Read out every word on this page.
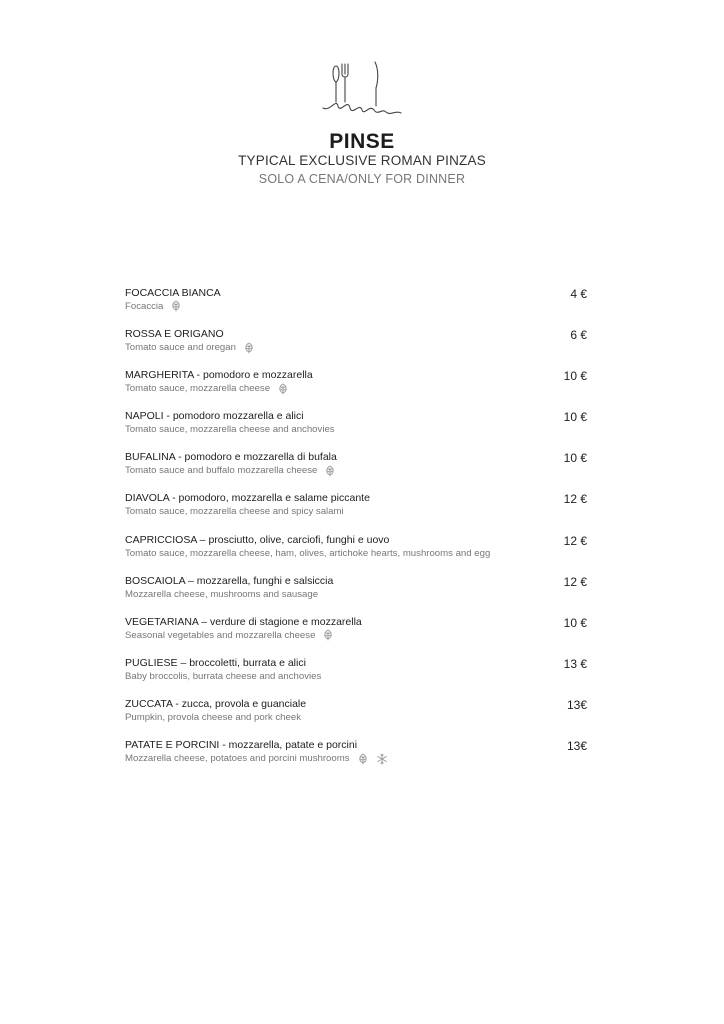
PINSE
TYPICAL EXCLUSIVE ROMAN PINZAS
SOLO A CENA/ONLY FOR DINNER
FOCACCIA BIANCA
Focaccia
4 €
ROSSA E ORIGANO
Tomato sauce and oregan
6 €
MARGHERITA - pomodoro e mozzarella
Tomato sauce, mozzarella cheese
10 €
NAPOLI - pomodoro mozzarella e alici
Tomato sauce, mozzarella cheese and anchovies
10 €
BUFALINA - pomodoro e mozzarella di bufala
Tomato sauce and buffalo mozzarella cheese
10 €
DIAVOLA - pomodoro, mozzarella e salame piccante
Tomato sauce, mozzarella cheese and spicy salami
12 €
CAPRICCIOSA – prosciutto, olive, carciofi, funghi e uovo
Tomato sauce, mozzarella cheese, ham, olives, artichoke hearts, mushrooms and egg
12 €
BOSCAIOLA – mozzarella, funghi e salsiccia
Mozzarella cheese, mushrooms and sausage
12 €
VEGETARIANA – verdure di stagione e mozzarella
Seasonal vegetables and mozzarella cheese
10 €
PUGLIESE – broccoletti, burrata e alici
Baby broccolis, burrata cheese and anchovies
13 €
ZUCCATA - zucca, provola e guanciale
Pumpkin, provola cheese and pork cheek
13€
PATATE E PORCINI - mozzarella, patate e porcini
Mozzarella cheese, potatoes and porcini mushrooms
13€
